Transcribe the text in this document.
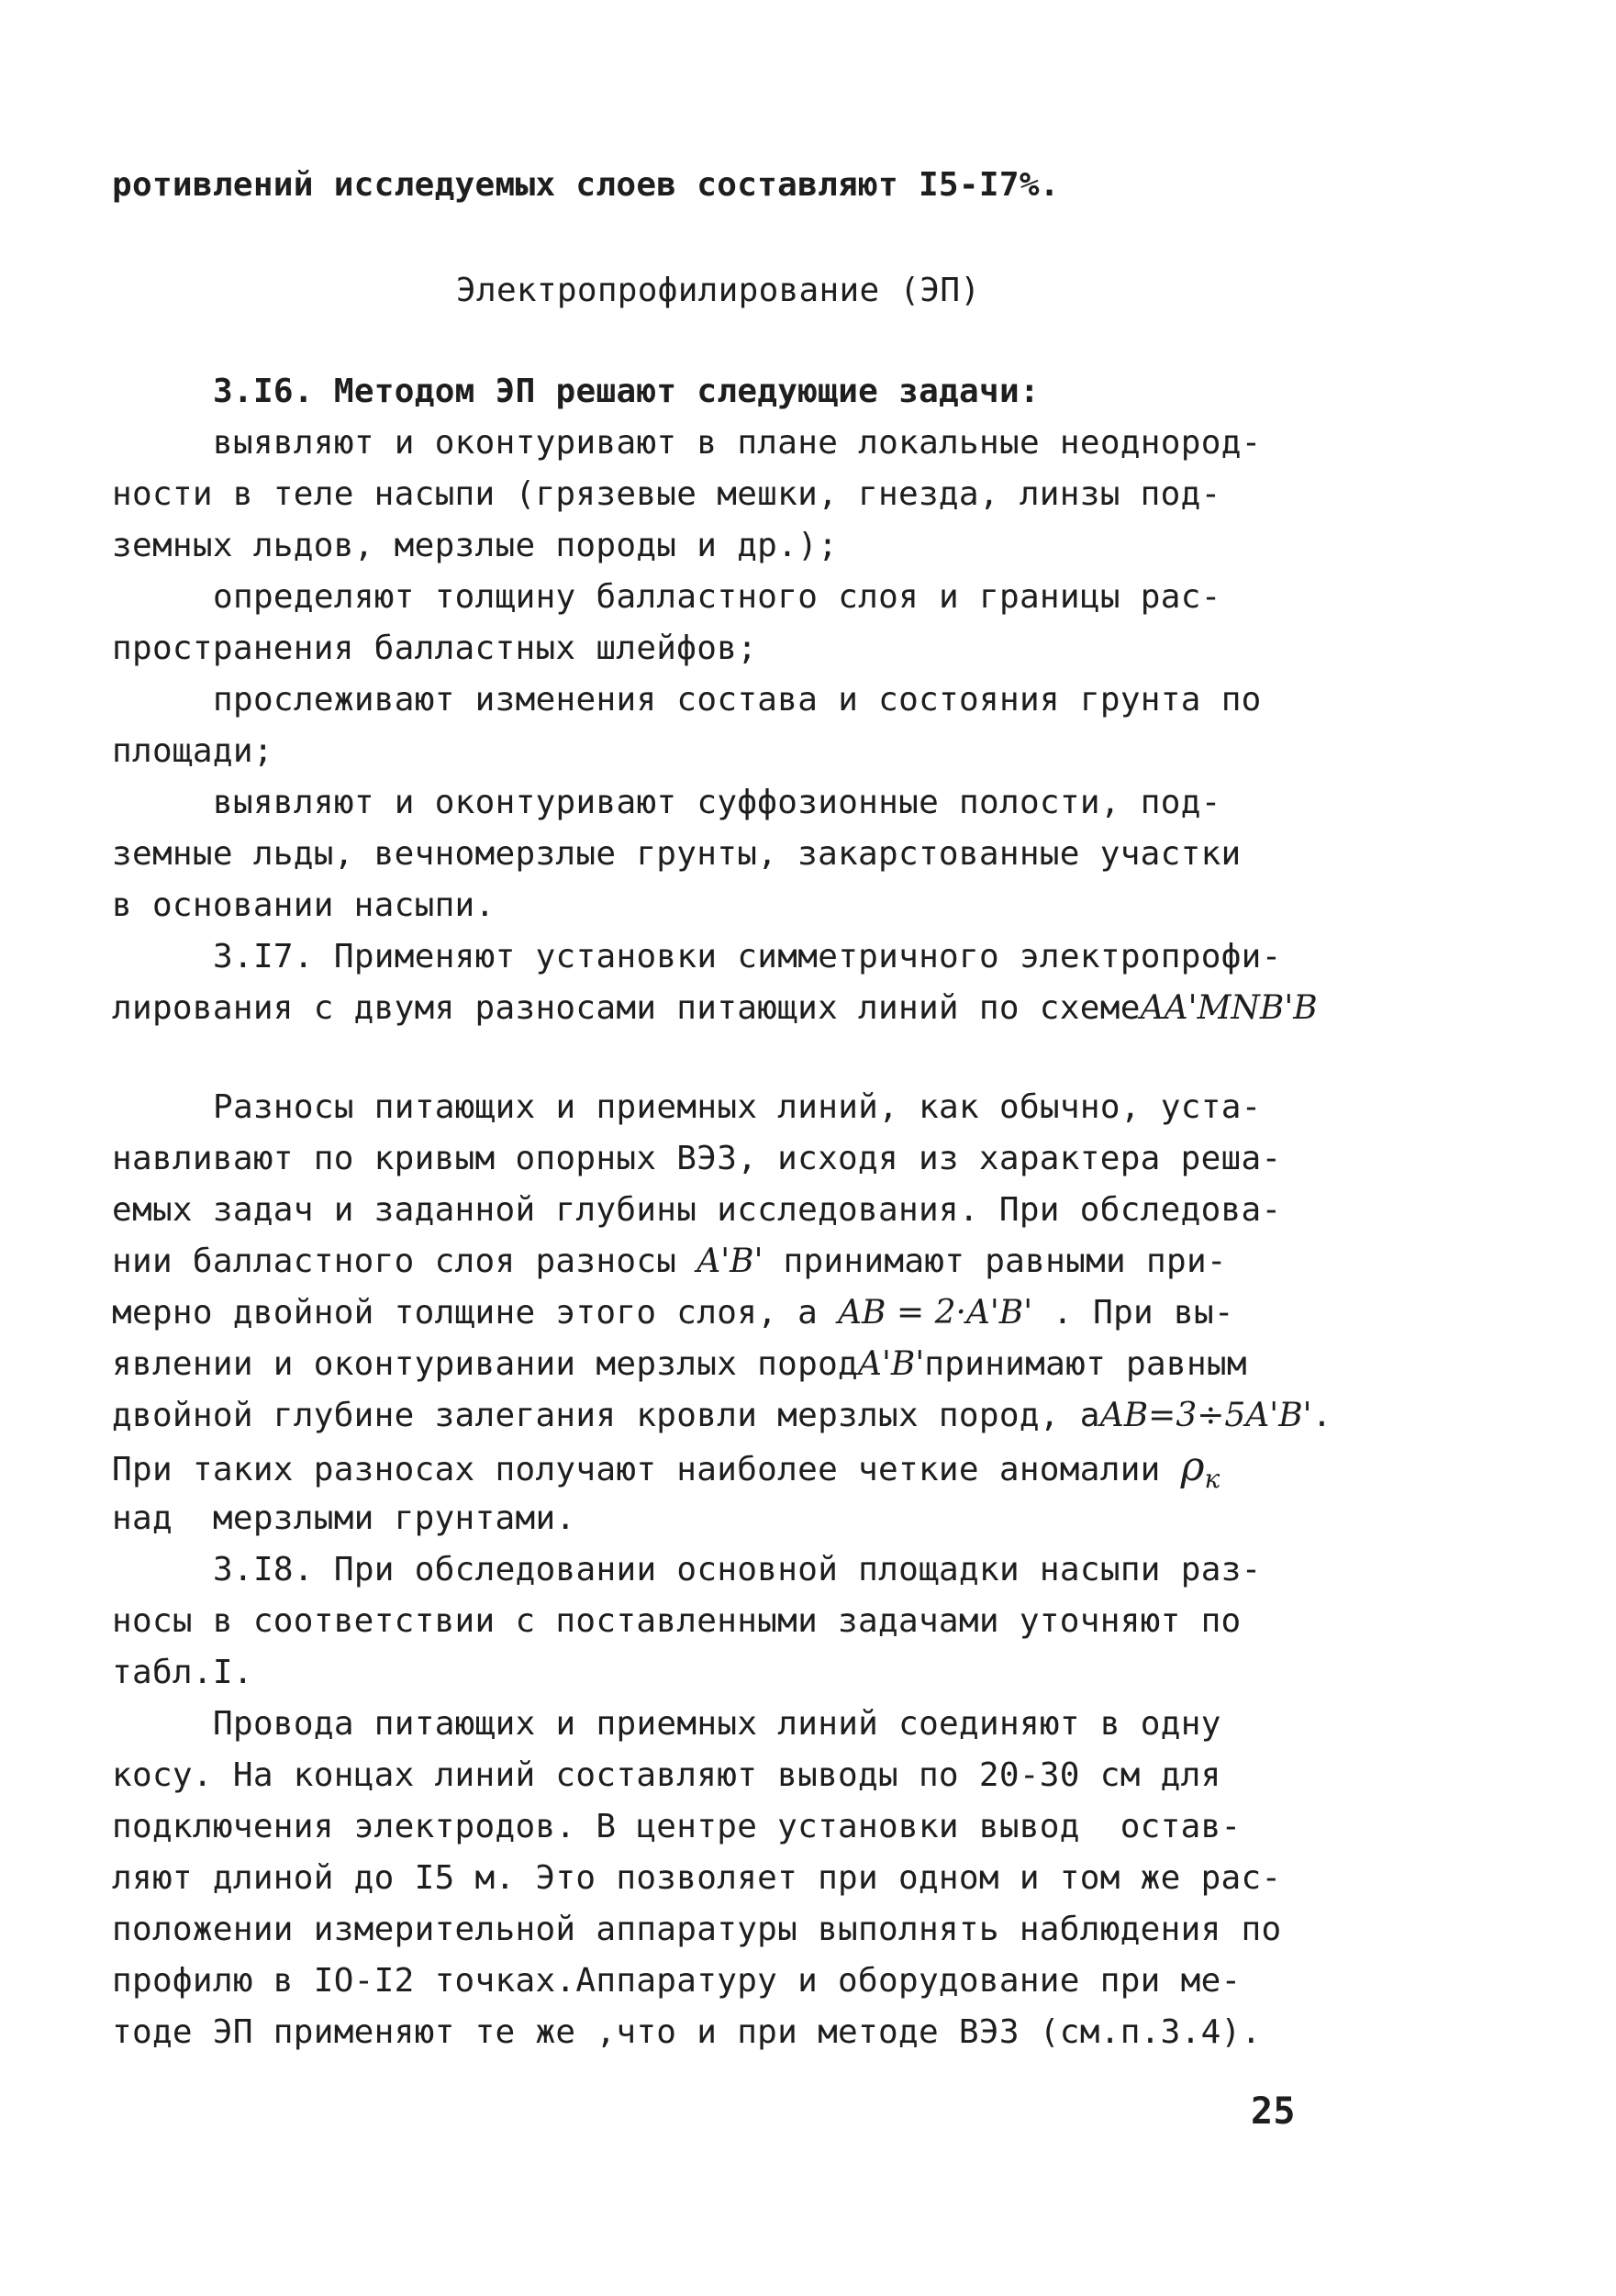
ротивлений исследуемых слоев составляют І5-І7%.
Электропрофилирование (ЭП)
3.І6. Методом ЭП решают следующие задачи:
выявляют и оконтуривают в плане локальные неоднород-
ности в теле насыпи (грязевые мешки, гнезда, линзы под-
земных льдов, мерзлые породы и др.);
определяют толщину балластного слоя и границы рас-
пространения балластных шлейфов;
прослеживают изменения состава и состояния грунта по
площади;
выявляют и оконтуривают суффозионные полости, под-
земные льды, вечномерзлые грунты, закарстованные участки
в основании насыпи.
3.І7. Применяют установки симметричного электропрофи-
лирования с двумя разносами питающих линий по схемеAA'MNB'B
Разносы питающих и приемных линий, как обычно, уста-
навливают по кривым опорных ВЭЗ, исходя из характера реша-
емых задач и заданной глубины исследования. При обследова-
нии балластного слоя разносы A'B' принимают равными при-
мерно двойной толщине этого слоя, а AB = 2·A'B' . При вы-
явлении и оконтуривании мерзлых породA'B'принимают равным
двойной глубине залегания кровли мерзлых пород, аAB=3÷5A'B'.
При таких разносах получают наиболее четкие аномалии $\rho_к$
над  мерзлыми грунтами.
3.І8. При обследовании основной площадки насыпи раз-
носы в соответствии с поставленными задачами уточняют по
табл.І.
Провода питающих и приемных линий соединяют в одну
косу. На концах линий составляют выводы по 20-30 см для
подключения электродов. В центре установки вывод  остав-
ляют длиной до І5 м. Это позволяет при одном и том же рас-
положении измерительной аппаратуры выполнять наблюдения по
профилю в ІО-І2 точках.Аппаратуру и оборудование при ме-
тоде ЭП применяют те же ,что и при методе ВЭЗ (см.п.3.4).
25
